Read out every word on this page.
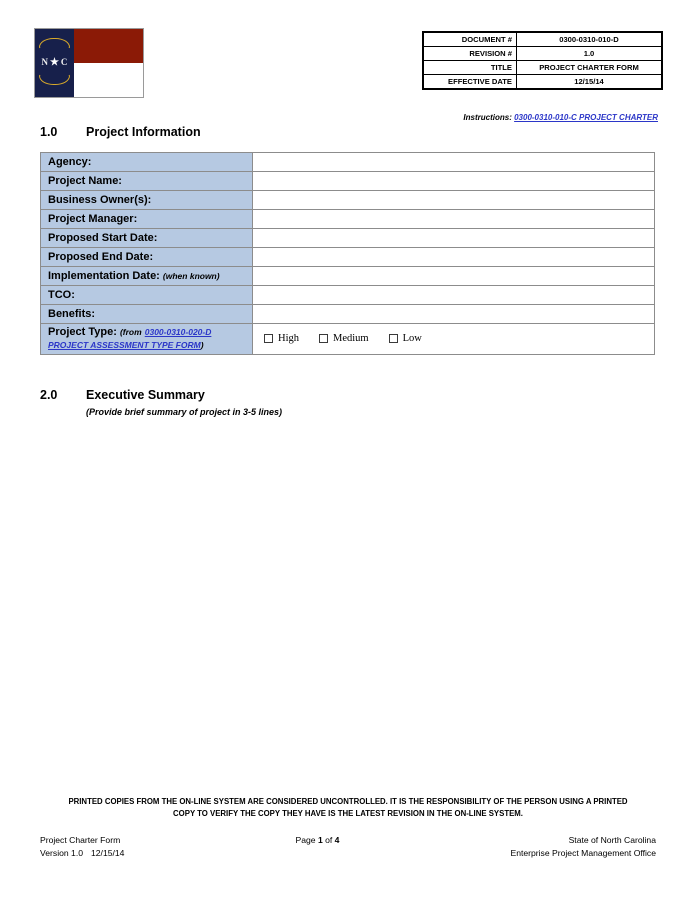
N ★ C
DOCUMENT #	0300-0310-010-D
REVISION #	1.0
TITLE	PROJECT CHARTER FORM
EFFECTIVE DATE	12/15/14
Instructions: 0300-0310-010-C PROJECT CHARTER
1.0 Project Information
Agency:	
Project Name:	
Business Owner(s):	
Project Manager:	
Proposed Start Date:	
Proposed End Date:	
Implementation Date: (when known)	
TCO:	
Benefits:	
Project Type: (from 0300-0310-020-D PROJECT ASSESSMENT TYPE FORM)	High Medium Low
2.0 Executive Summary
(Provide brief summary of project in 3-5 lines)
PRINTED COPIES FROM THE ON-LINE SYSTEM ARE CONSIDERED UNCONTROLLED. IT IS THE RESPONSIBILITY OF THE PERSON USING A PRINTED
COPY TO VERIFY THE COPY THEY HAVE IS THE LATEST REVISION IN THE ON-LINE SYSTEM.
Project Charter Form
Version 1.0 12/15/14
Page 1 of 4	State of North Carolina
Enterprise Project Management Office
